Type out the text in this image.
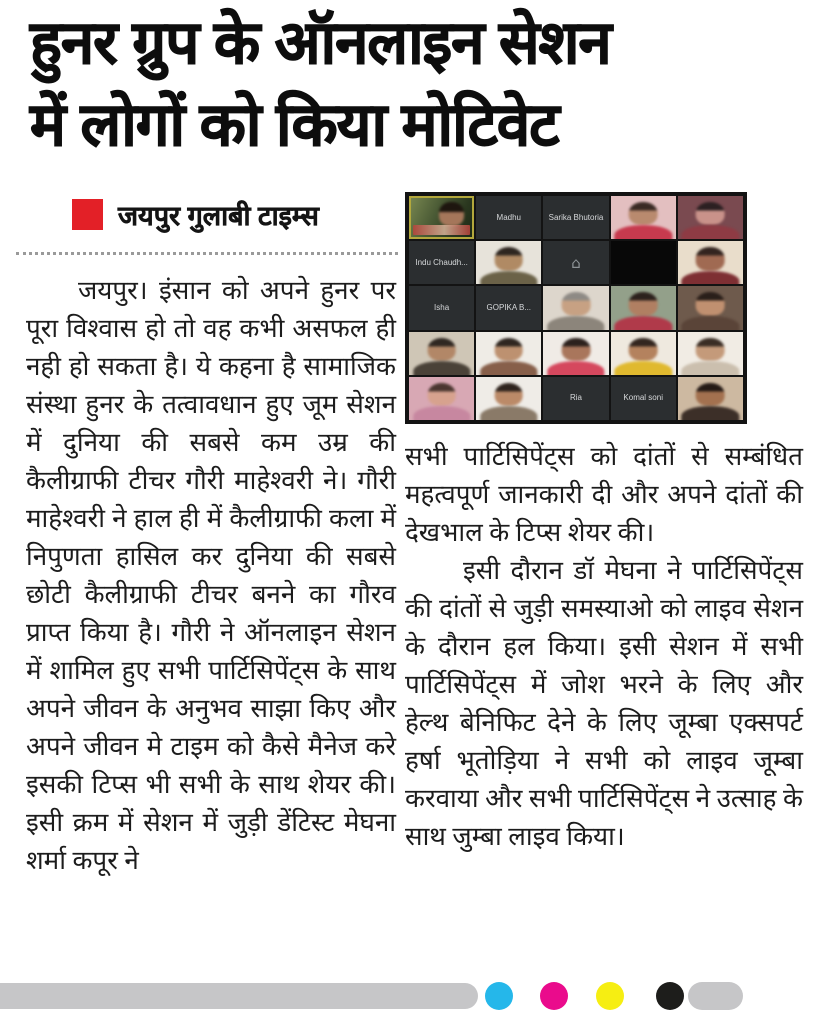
हुनर ग्रुप के ऑनलाइन सेशन
में लोगों को किया मोटिवेट
जयपुर गुलाबी टाइम्स

जयपुर। इंसान को अपने हुनर पर पूरा विश्वास हो तो वह कभी असफल ही नही हो सकता है। ये कहना है सामाजिक संस्था हुनर के तत्वावधान हुए जूम सेशन में दुनिया की सबसे कम उम्र की कैलीग्राफी टीचर गौरी माहेश्वरी ने। गौरी माहेश्वरी ने हाल ही में कैलीग्राफी कला में निपुणता हासिल कर दुनिया की सबसे छोटी कैलीग्राफी टीचर बनने का गौरव प्राप्त किया है। गौरी ने ऑनलाइन सेशन में शामिल हुए सभी पार्टिसिपेंट्स के साथ अपने जीवन के अनुभव साझा किए और अपने जीवन मे टाइम को कैसे मैनेज करे इसकी टिप्स भी सभी के साथ शेयर की। इसी क्रम में सेशन में जुड़ी डेंटिस्ट मेघना शर्मा कपूर ने

Madhu	Sarika Bhutoria
Indu Chaudh...
⌂
Isha	GOPIKA B...
Ria	Komal soni

सभी पार्टिसिपेंट्स को दांतों से सम्बंधित महत्वपूर्ण जानकारी दी और अपने दांतों की देखभाल के टिप्स शेयर की।

इसी दौरान डॉ मेघना ने पार्टिसिपेंट्स की दांतों से जुड़ी समस्याओ को लाइव सेशन के दौरान हल किया। इसी सेशन में सभी पार्टिसिपेंट्स में जोश भरने के लिए और हेल्थ बेनिफिट देने के लिए जूम्बा एक्सपर्ट हर्षा भूतोड़िया ने सभी को लाइव जूम्बा करवाया और सभी पार्टिसिपेंट्स ने उत्साह के साथ जुम्बा लाइव किया।
